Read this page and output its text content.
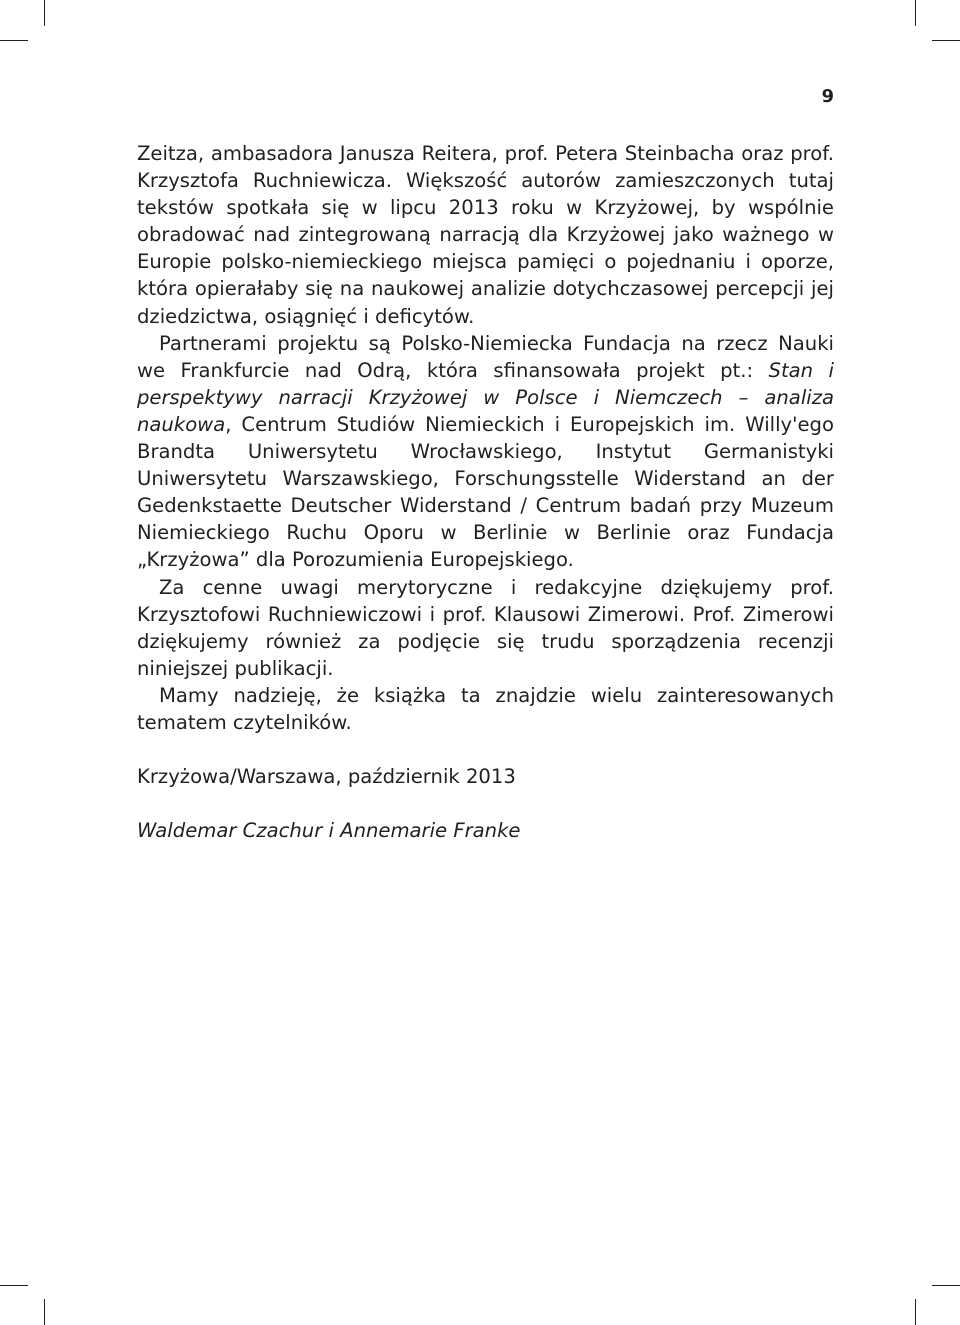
9

Zeitza, ambasadora Janusza Reitera, prof. Petera Steinbacha oraz prof. Krzysztofa Ruchniewicza. Większość autorów zamieszczonych tutaj tekstów spotkała się w lipcu 2013 roku w Krzyżowej, by wspólnie obradować nad zintegrowaną narracją dla Krzyżowej jako ważnego w Europie polsko-niemieckiego miejsca pamięci o pojednaniu i oporze, która opierałaby się na naukowej analizie dotychczasowej percepcji jej dziedzictwa, osiągnięć i deficytów.

Partnerami projektu są Polsko-Niemiecka Fundacja na rzecz Nauki we Frankfurcie nad Odrą, która sfinansowała projekt pt.: Stan i perspektywy narracji Krzyżowej w Polsce i Niemczech – analiza naukowa, Centrum Studiów Niemieckich i Europejskich im. Willy'ego Brandta Uniwersytetu Wrocławskiego, Instytut Germanistyki Uniwersytetu Warszawskiego, Forschungsstelle Widerstand an der Gedenkstaette Deutscher Widerstand / Centrum badań przy Muzeum Niemieckiego Ruchu Oporu w Berlinie w Berlinie oraz Fundacja „Krzyżowa” dla Porozumienia Europejskiego.

Za cenne uwagi merytoryczne i redakcyjne dziękujemy prof. Krzysztofowi Ruchniewiczowi i prof. Klausowi Zimerowi. Prof. Zimerowi dziękujemy również za podjęcie się trudu sporządzenia recenzji niniejszej publikacji.

Mamy nadzieję, że książka ta znajdzie wielu zainteresowanych tematem czytelników.

Krzyżowa/Warszawa, październik 2013

Waldemar Czachur i Annemarie Franke
